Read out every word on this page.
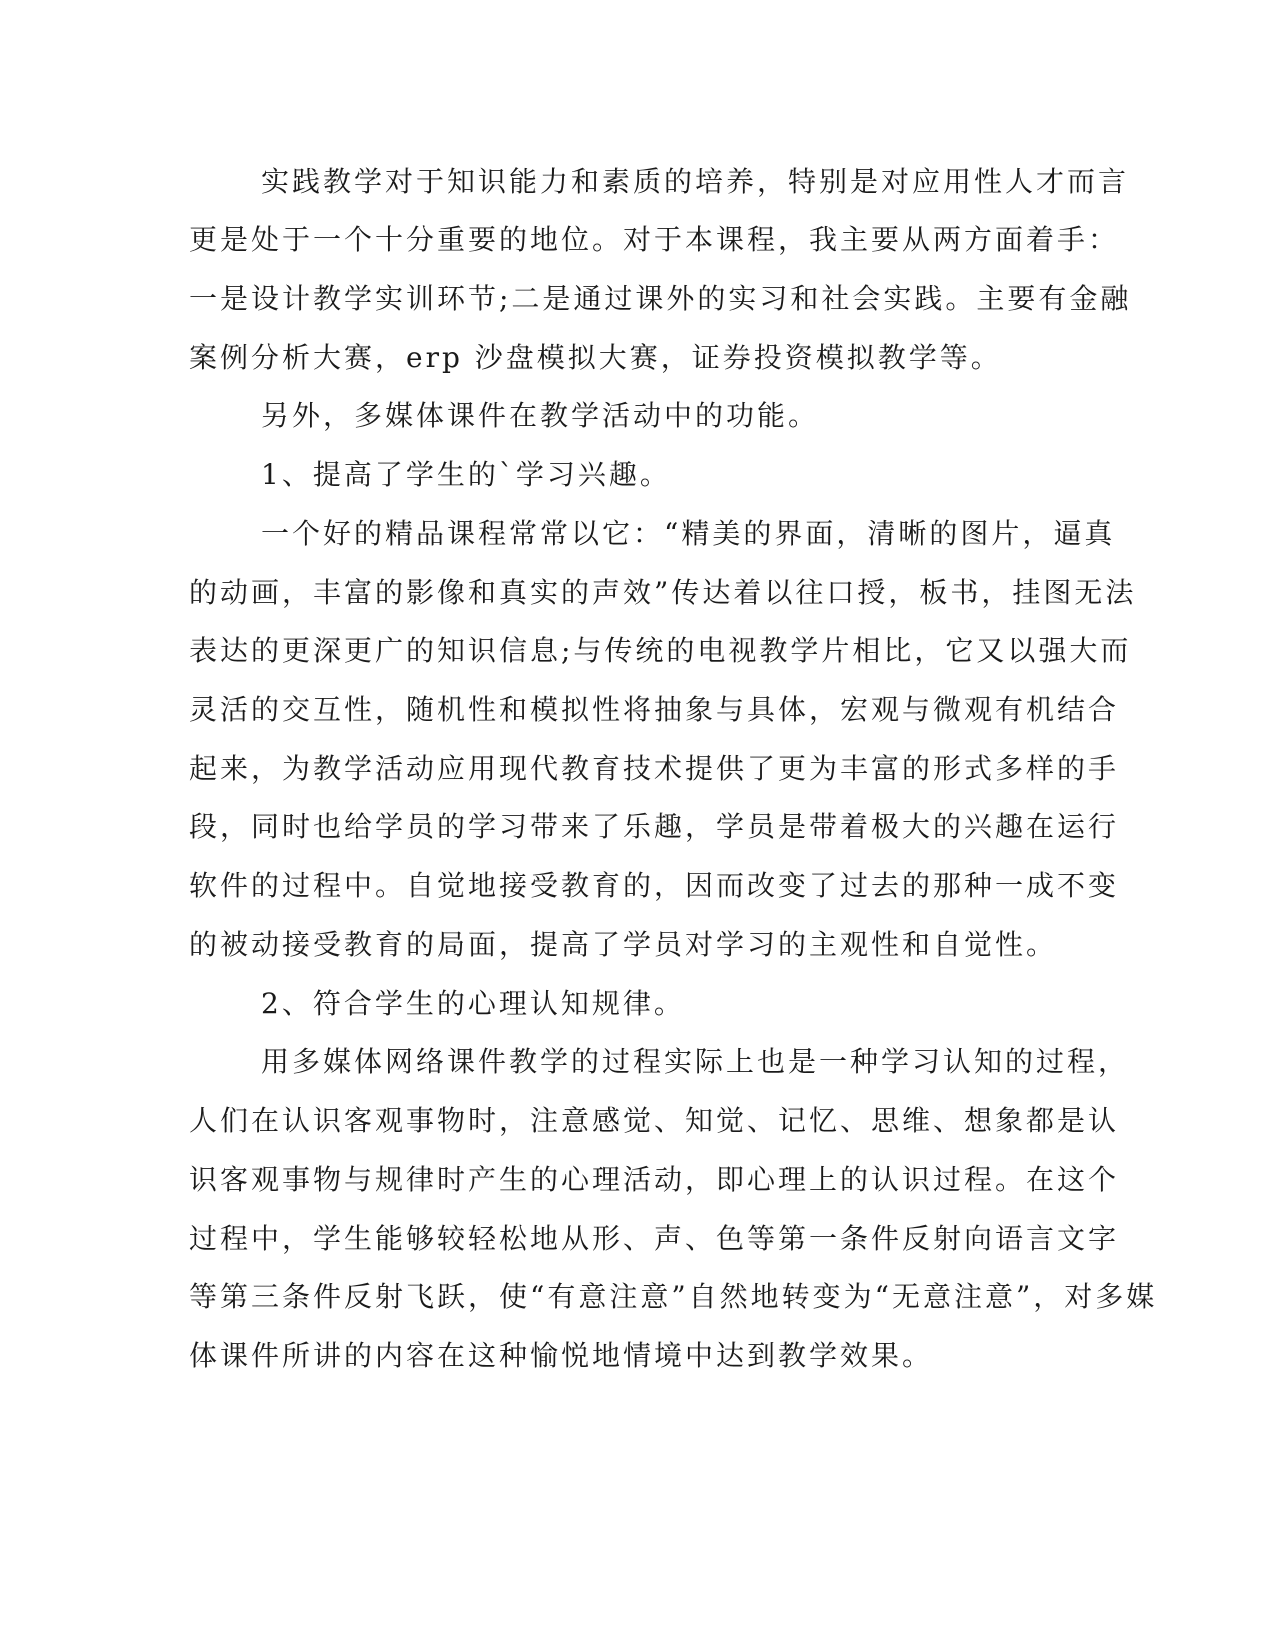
实践教学对于知识能力和素质的培养，特别是对应用性人才而言
更是处于一个十分重要的地位。对于本课程，我主要从两方面着手：
一是设计教学实训环节;二是通过课外的实习和社会实践。主要有金融
案例分析大赛，erp 沙盘模拟大赛，证券投资模拟教学等。
另外，多媒体课件在教学活动中的功能。
1、提高了学生的`学习兴趣。
一个好的精品课程常常以它：“精美的界面，清晰的图片，逼真
的动画，丰富的影像和真实的声效”传达着以往口授，板书，挂图无法
表达的更深更广的知识信息;与传统的电视教学片相比，它又以强大而
灵活的交互性，随机性和模拟性将抽象与具体，宏观与微观有机结合
起来，为教学活动应用现代教育技术提供了更为丰富的形式多样的手
段，同时也给学员的学习带来了乐趣，学员是带着极大的兴趣在运行
软件的过程中。自觉地接受教育的，因而改变了过去的那种一成不变
的被动接受教育的局面，提高了学员对学习的主观性和自觉性。
2、符合学生的心理认知规律。
用多媒体网络课件教学的过程实际上也是一种学习认知的过程，
人们在认识客观事物时，注意感觉、知觉、记忆、思维、想象都是认
识客观事物与规律时产生的心理活动，即心理上的认识过程。在这个
过程中，学生能够较轻松地从形、声、色等第一条件反射向语言文字
等第三条件反射飞跃，使“有意注意”自然地转变为“无意注意”，对多媒
体课件所讲的内容在这种愉悦地情境中达到教学效果。
